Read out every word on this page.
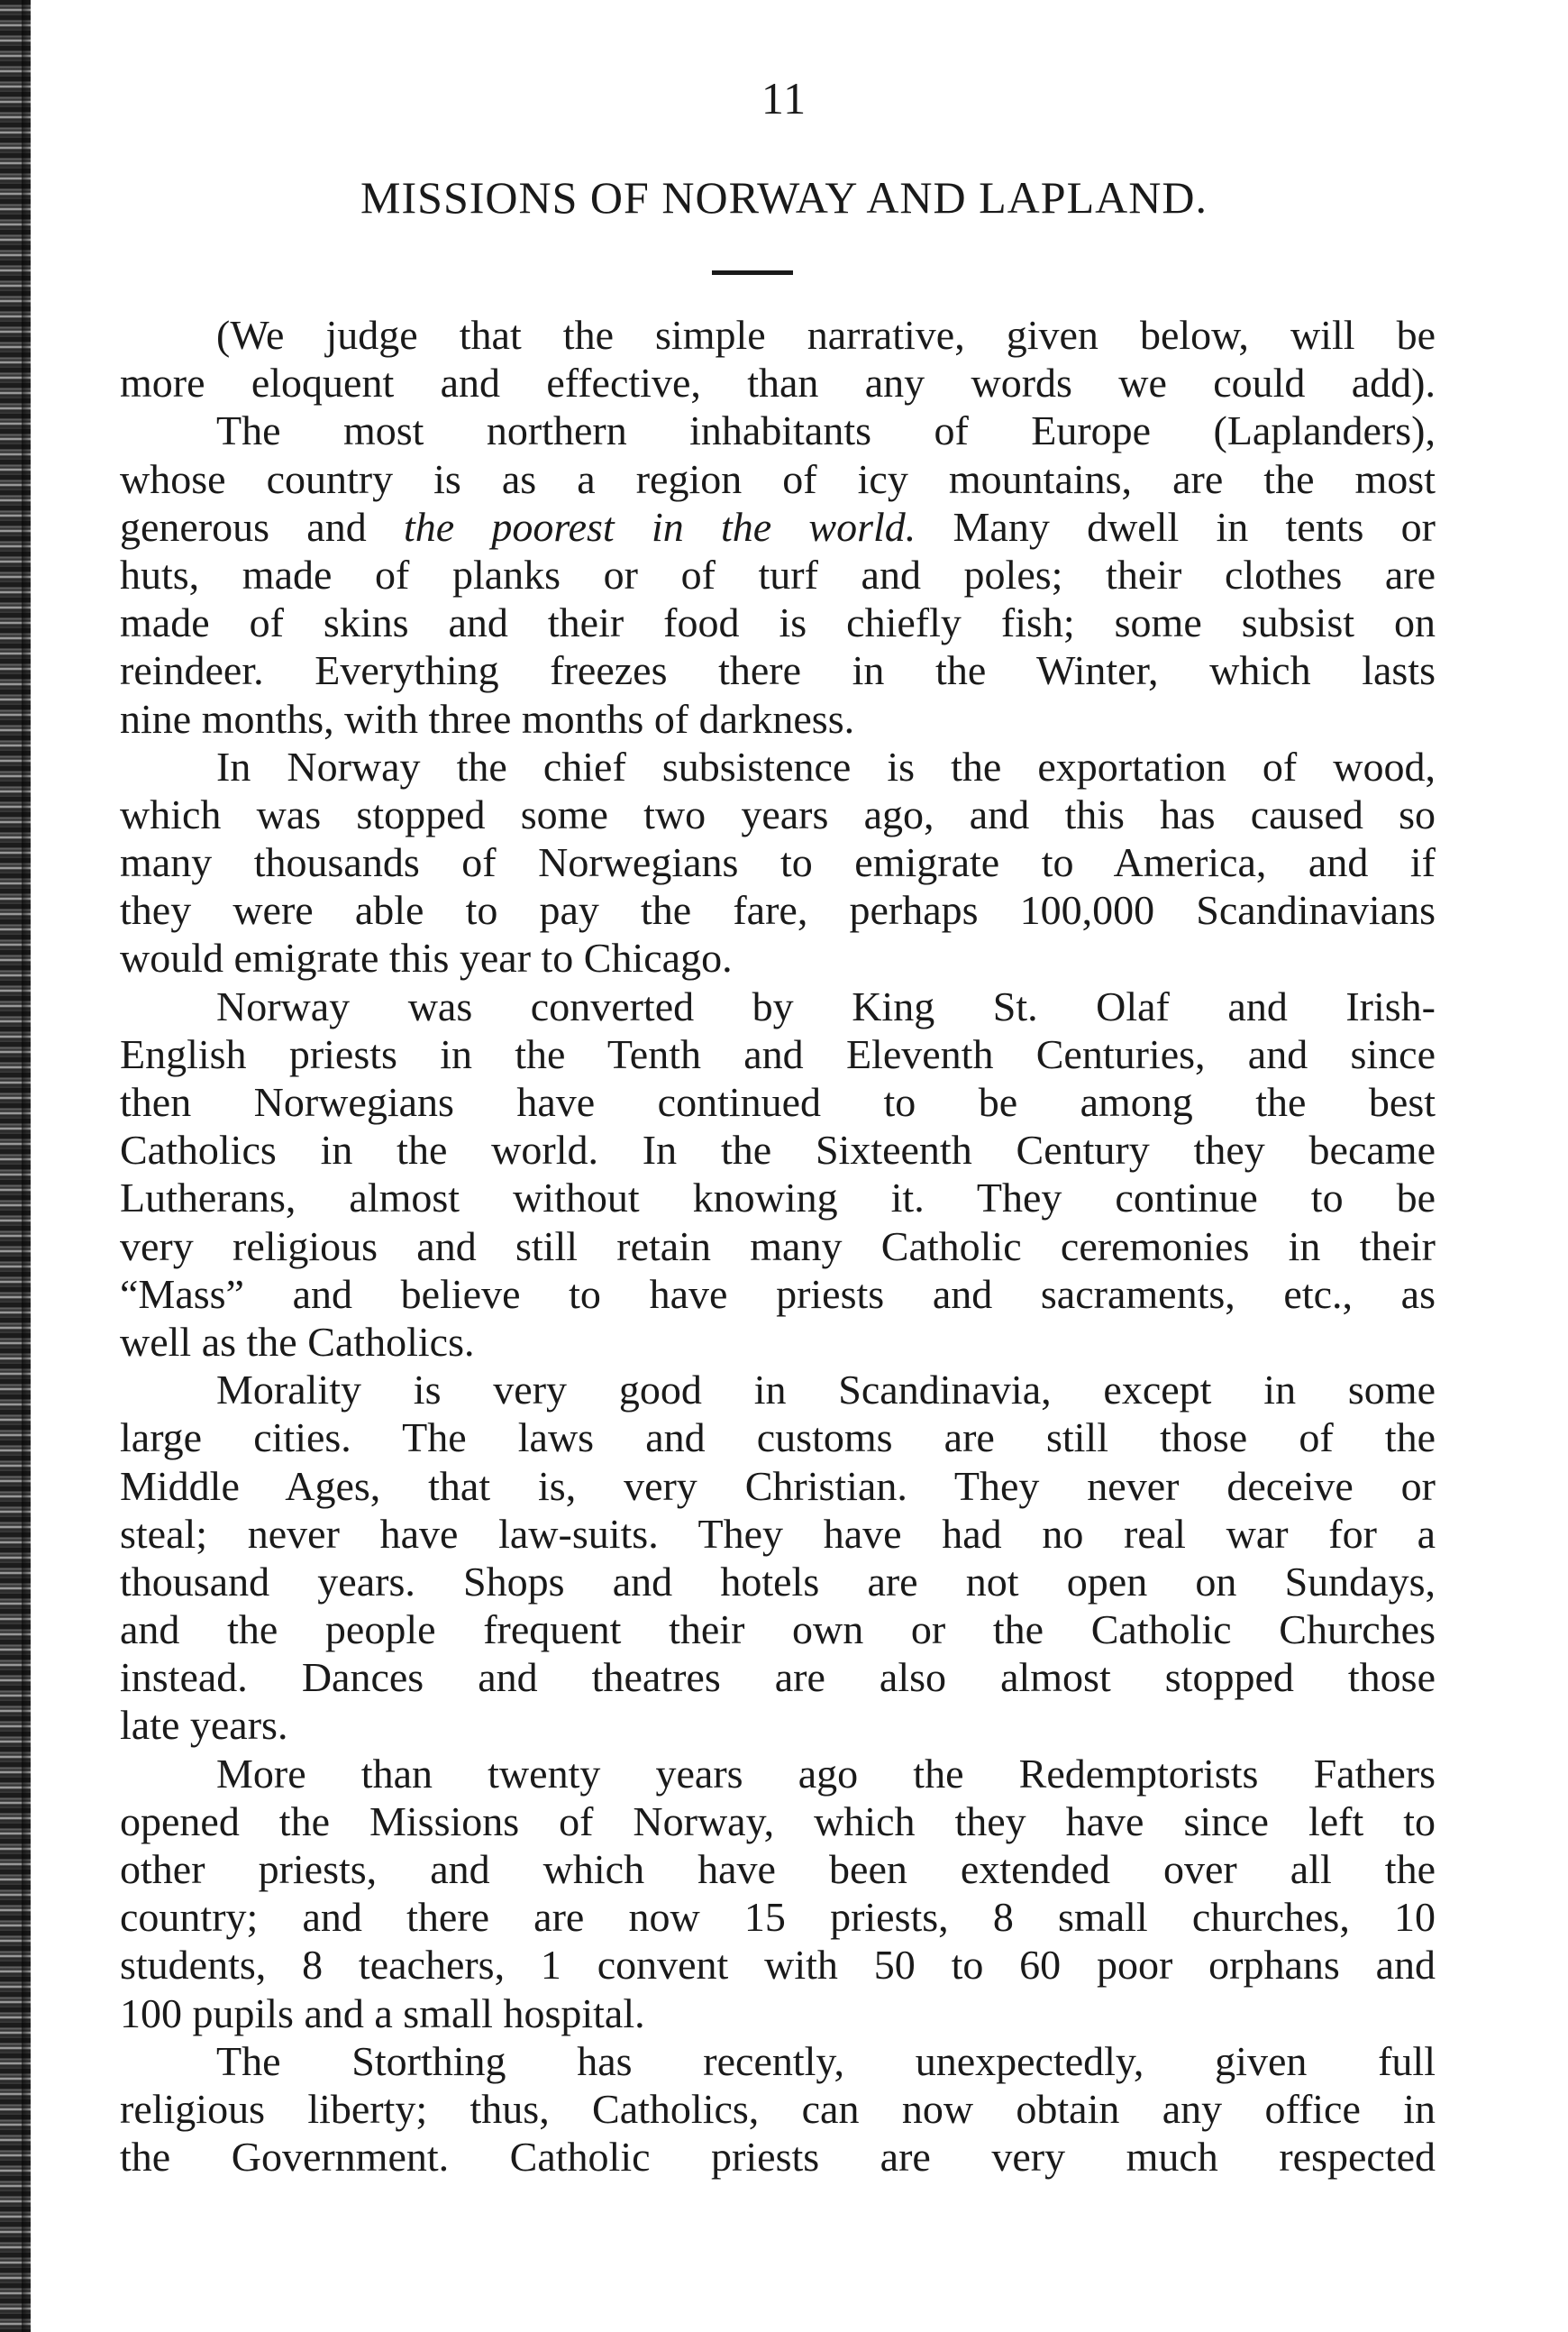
11
MISSIONS OF NORWAY AND LAPLAND.
(We judge that the simple narrative, given below, will be
more eloquent and effective, than any words we could add).
The most northern inhabitants of Europe (Laplanders),
whose country is as a region of icy mountains, are the most
generous and the poorest in the world. Many dwell in tents or
huts, made of planks or of turf and poles; their clothes are
made of skins and their food is chiefly fish; some subsist on
reindeer. Everything freezes there in the Winter, which lasts
nine months, with three months of darkness.
In Norway the chief subsistence is the exportation of wood,
which was stopped some two years ago, and this has caused so
many thousands of Norwegians to emigrate to America, and if
they were able to pay the fare, perhaps 100,000 Scandinavians
would emigrate this year to Chicago.
Norway was converted by King St. Olaf and Irish-
English priests in the Tenth and Eleventh Centuries, and since
then Norwegians have continued to be among the best
Catholics in the world. In the Sixteenth Century they became
Lutherans, almost without knowing it. They continue to be
very religious and still retain many Catholic ceremonies in their
“Mass” and believe to have priests and sacraments, etc., as
well as the Catholics.
Morality is very good in Scandinavia, except in some
large cities. The laws and customs are still those of the
Middle Ages, that is, very Christian. They never deceive or
steal; never have law-suits. They have had no real war for a
thousand years. Shops and hotels are not open on Sundays,
and the people frequent their own or the Catholic Churches
instead. Dances and theatres are also almost stopped those
late years.
More than twenty years ago the Redemptorists Fathers
opened the Missions of Norway, which they have since left to
other priests, and which have been extended over all the
country; and there are now 15 priests, 8 small churches, 10
students, 8 teachers, 1 convent with 50 to 60 poor orphans and
100 pupils and a small hospital.
The Storthing has recently, unexpectedly, given full
religious liberty; thus, Catholics, can now obtain any office in
the Government. Catholic priests are very much respected
